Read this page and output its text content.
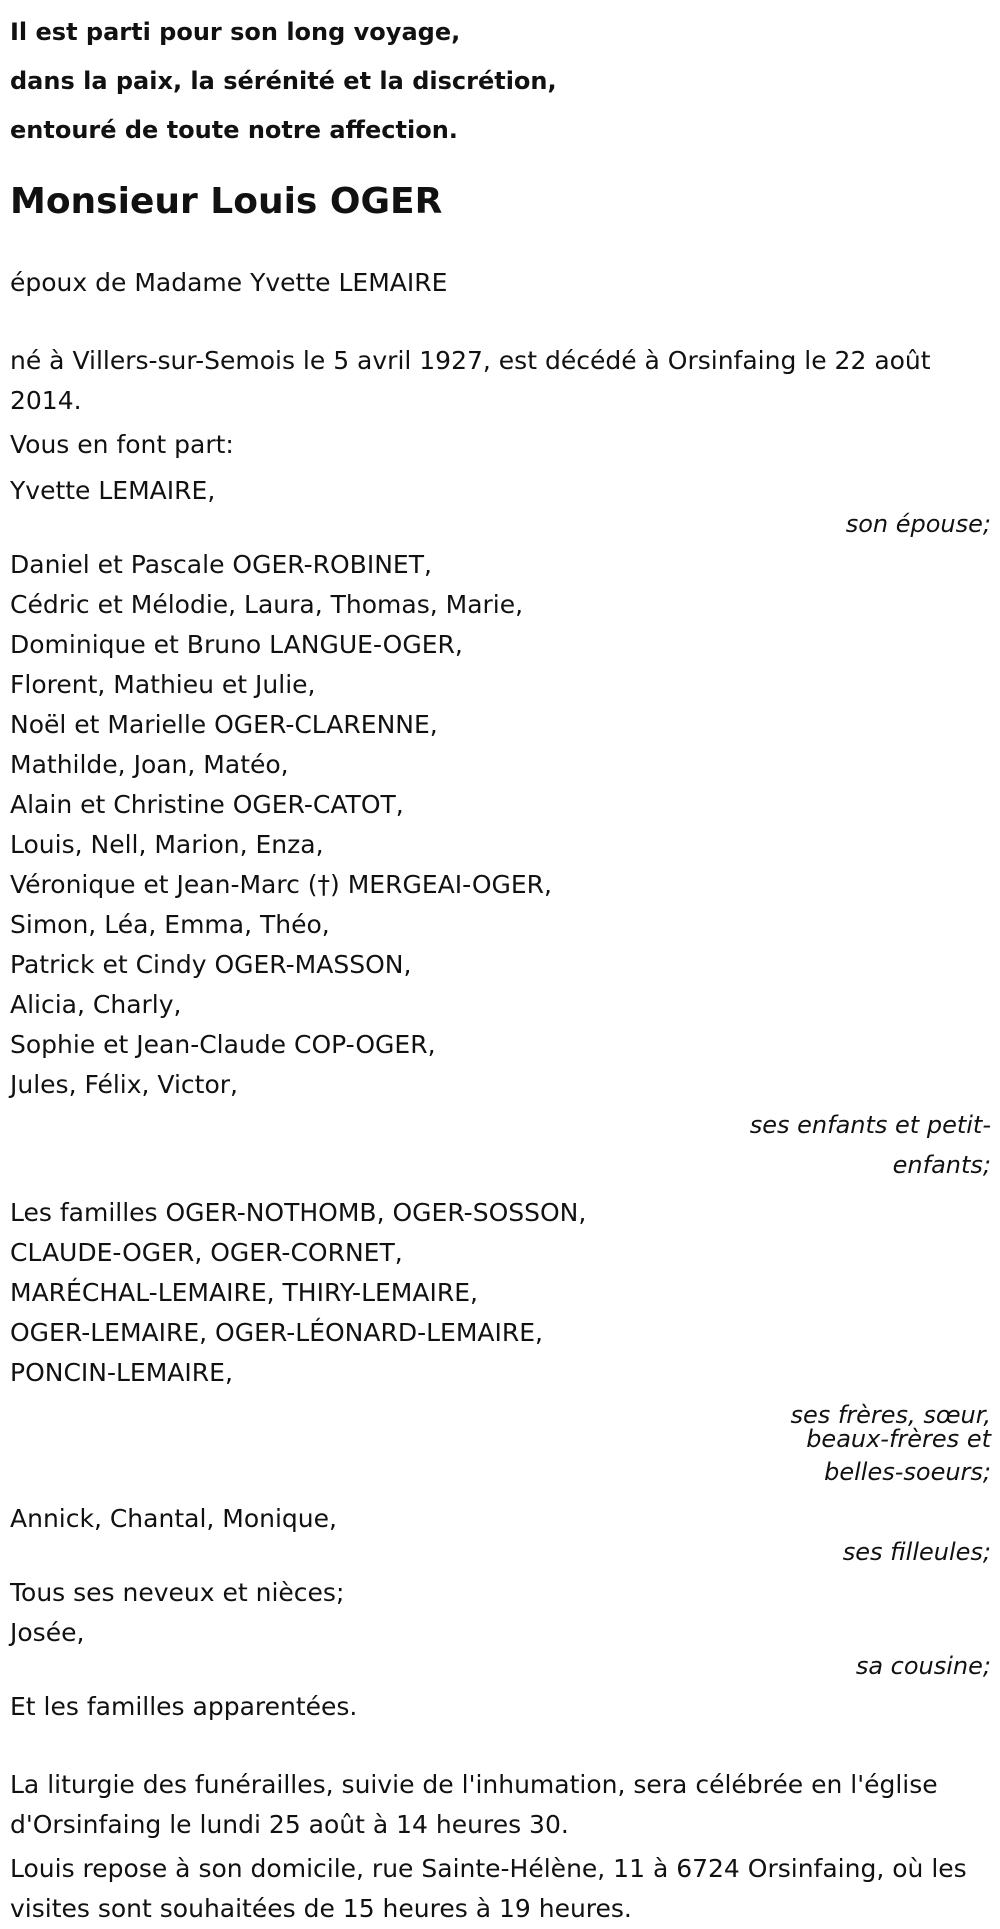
Il est parti pour son long voyage,
dans la paix, la sérénité et la discrétion,
entouré de toute notre affection.
Monsieur Louis OGER

époux de Madame Yvette LEMAIRE

né à Villers-sur-Semois le 5 avril 1927, est décédé à Orsinfaing le 22 août 2014.

Vous en font part:

Yvette LEMAIRE,
son épouse;
Daniel et Pascale OGER-ROBINET,
Cédric et Mélodie, Laura, Thomas, Marie,
Dominique et Bruno LANGUE-OGER,
Florent, Mathieu et Julie,
Noël et Marielle OGER-CLARENNE,
Mathilde, Joan, Matéo,
Alain et Christine OGER-CATOT,
Louis, Nell, Marion, Enza,
Véronique et Jean-Marc (†) MERGEAI-OGER,
Simon, Léa, Emma, Théo,
Patrick et Cindy OGER-MASSON,
Alicia, Charly,
Sophie et Jean-Claude COP-OGER,
Jules, Félix, Victor,
ses enfants et petit-
enfants;
Les familles OGER-NOTHOMB, OGER-SOSSON,
CLAUDE-OGER, OGER-CORNET,
MARÉCHAL-LEMAIRE, THIRY-LEMAIRE,
OGER-LEMAIRE, OGER-LÉONARD-LEMAIRE,
PONCIN-LEMAIRE,
ses frères, sœur,
beaux-frères et
belles-soeurs;
Annick, Chantal, Monique,
ses filleules;
Tous ses neveux et nièces;
Josée,
sa cousine;

Et les familles apparentées.

La liturgie des funérailles, suivie de l'inhumation, sera célébrée en l'église d'Orsinfaing le lundi 25 août à 14 heures 30.

Louis repose à son domicile, rue Sainte-Hélène, 11 à 6724 Orsinfaing, où les visites sont souhaitées de 15 heures à 19 heures.
